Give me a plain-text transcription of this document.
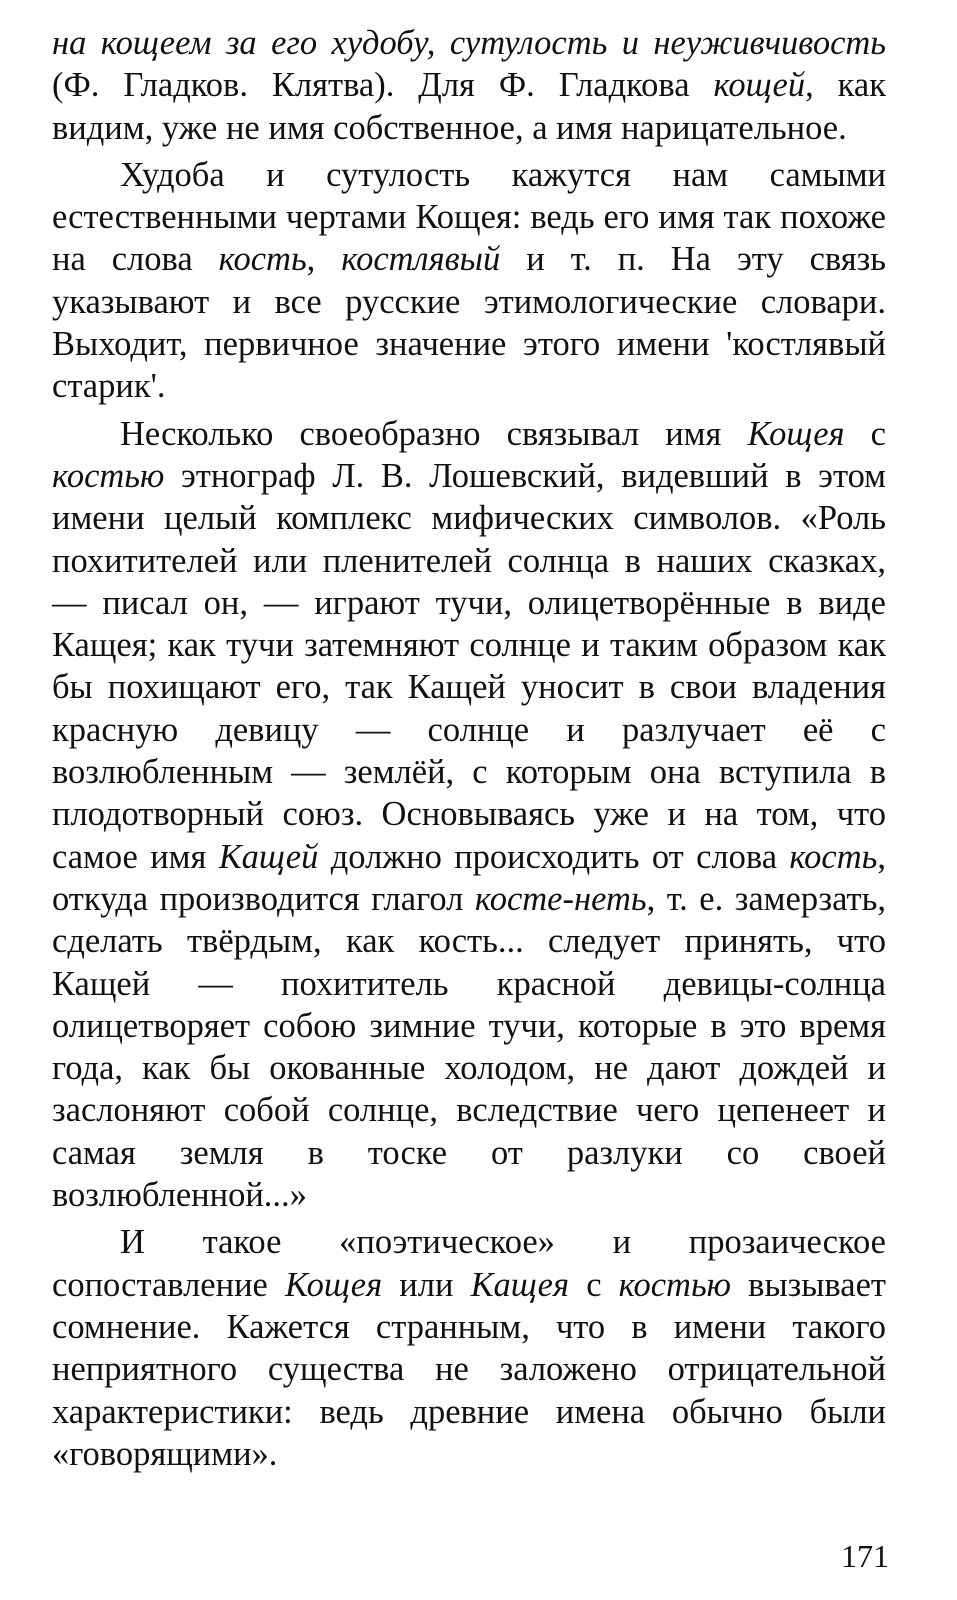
на кощеем за его худобу, сутулость и неуживчивость (Ф. Гладков. Клятва). Для Ф. Гладкова кощей, как видим, уже не имя собственное, а имя нарицательное.

Худоба и сутулость кажутся нам самыми естественными чертами Кощея: ведь его имя так похоже на слова кость, костлявый и т. п. На эту связь указывают и все русские этимологические словари. Выходит, первичное значение этого имени 'костлявый старик'.

Несколько своеобразно связывал имя Кощея с костью этнограф Л. В. Лошевский, видевший в этом имени целый комплекс мифических символов. «Роль похитителей или пленителей солнца в наших сказках, — писал он, — играют тучи, олицетворённые в виде Кащея; как тучи затемняют солнце и таким образом как бы похищают его, так Кащей уносит в свои владения красную девицу — солнце и разлучает её с возлюбленным — землёй, с которым она вступила в плодотворный союз. Основываясь уже и на том, что самое имя Кащей должно происходить от слова кость, откуда производится глагол косте-неть, т. е. замерзать, сделать твёрдым, как кость... следует принять, что Кащей — похититель красной девицы-солнца олицетворяет собою зимние тучи, которые в это время года, как бы окованные холодом, не дают дождей и заслоняют собой солнце, вследствие чего цепенеет и самая земля в тоске от разлуки со своей возлюбленной...»

И такое «поэтическое» и прозаическое сопоставление Кощея или Кащея с костью вызывает сомнение. Кажется странным, что в имени такого неприятного существа не заложено отрицательной характеристики: ведь древние имена обычно были «говорящими».

171
